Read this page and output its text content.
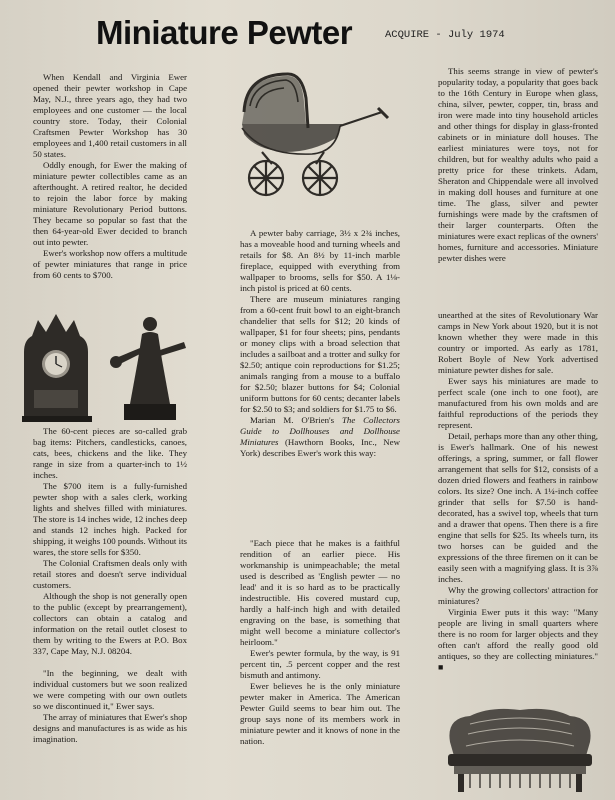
Miniature Pewter	ACQUIRE - July 1974

When Kendall and Virginia Ewer opened their pewter workshop in Cape May, N.J., three years ago, they had two employees and one customer — the local country store. Today, their Colonial Craftsmen Pewter Workshop has 30 employees and 1,400 retail customers in all 50 states.

Oddly enough, for Ewer the making of miniature pewter collectibles came as an afterthought. A retired realtor, he decided to rejoin the labor force by making miniature Revolutionary Period buttons. They became so popular so fast that the then 64-year-old Ewer decided to branch out into pewter.

Ewer's workshop now offers a multitude of pewter miniatures that range in price from 60 cents to $700.

The 60-cent pieces are so-called grab bag items: Pitchers, candlesticks, canoes, cats, bees, chickens and the like. They range in size from a quarter-inch to 1½ inches.

The $700 item is a fully-furnished pewter shop with a sales clerk, working lights and shelves filled with miniatures. The store is 14 inches wide, 12 inches deep and stands 12 inches high. Packed for shipping, it weighs 100 pounds. Without its wares, the store sells for $350.

The Colonial Craftsmen deals only with retail stores and doesn't serve individual customers.

Although the shop is not generally open to the public (except by prearrangement), collectors can obtain a catalog and information on the retail outlet closest to them by writing to the Ewers at P.O. Box 337, Cape May, N.J. 08204.

"In the beginning, we dealt with individual customers but we soon realized we were competing with our own outlets so we discontinued it," Ewer says.

The array of miniatures that Ewer's shop designs and manufactures is as wide as his imagination.

A pewter baby carriage, 3½ x 2¾ inches, has a moveable hood and turning wheels and retails for $8. An 8½ by 11-inch marble fireplace, equipped with everything from wallpaper to brooms, sells for $50. A 1⅛-inch pistol is priced at 60 cents.

There are museum miniatures ranging from a 60-cent fruit bowl to an eight-branch chandelier that sells for $12; 20 kinds of wallpaper, $1 for four sheets; pins, pendants or money clips with a broad selection that includes a sailboat and a trotter and sulky for $2.50; antique coin reproductions for $1.25; animals ranging from a mouse to a buffalo for $2.50; blazer buttons for $4; Colonial uniform buttons for 60 cents; decanter labels for $2.50 to $3; and soldiers for $1.75 to $6.

Marian M. O'Brien's The Collectors Guide to Dollhouses and Dollhouse Miniatures (Hawthorn Books, Inc., New York) describes Ewer's work this way:

"Each piece that he makes is a faithful rendition of an earlier piece. His workmanship is unimpeachable; the metal used is described as 'English pewter — no lead' and it is so hard as to be practically indestructible. His covered mustard cup, hardly a half-inch high and with detailed engraving on the base, is something that might well become a miniature collector's heirloom."

Ewer's pewter formula, by the way, is 91 percent tin, .5 percent copper and the rest bismuth and antimony.

Ewer believes he is the only miniature pewter maker in America. The American Pewter Guild seems to bear him out. The group says none of its members work in miniature pewter and it knows of none in the nation.

This seems strange in view of pewter's popularity today, a popularity that goes back to the 16th Century in Europe when glass, china, silver, pewter, copper, tin, brass and iron were made into tiny household articles and other things for display in glass-fronted cabinets or in miniature doll houses. The earliest miniatures were toys, not for children, but for wealthy adults who paid a pretty price for these trinkets. Adam, Sheraton and Chippendale were all involved in making doll houses and furniture at one time. The glass, silver and pewter furnishings were made by the craftsmen of their larger counterparts. Often the miniatures were exact replicas of the owners' homes, furniture and accessories. Miniature pewter dishes were

unearthed at the sites of Revolutionary War camps in New York about 1920, but it is not known whether they were made in this country or imported. As early as 1781, Robert Boyle of New York advertised miniature pewter dishes for sale.

Ewer says his miniatures are made to perfect scale (one inch to one foot), are manufactured from his own molds and are faithful reproductions of the periods they represent.

Detail, perhaps more than any other thing, is Ewer's hallmark. One of his newest offerings, a spring, summer, or fall flower arrangement that sells for $12, consists of a dozen dried flowers and feathers in rainbow colors. Its size? One inch. A 1¼-inch coffee grinder that sells for $7.50 is hand-decorated, has a swivel top, wheels that turn and a drawer that opens. Then there is a fire engine that sells for $25. Its wheels turn, its two horses can be guided and the expressions of the three firemen on it can be easily seen with a magnifying glass. It is 3⅞ inches.

Why the growing collectors' attraction for miniatures?

Virginia Ewer puts it this way: "Many people are living in small quarters where there is no room for larger objects and they often can't afford the really good old antiques, so they are collecting miniatures." ■
